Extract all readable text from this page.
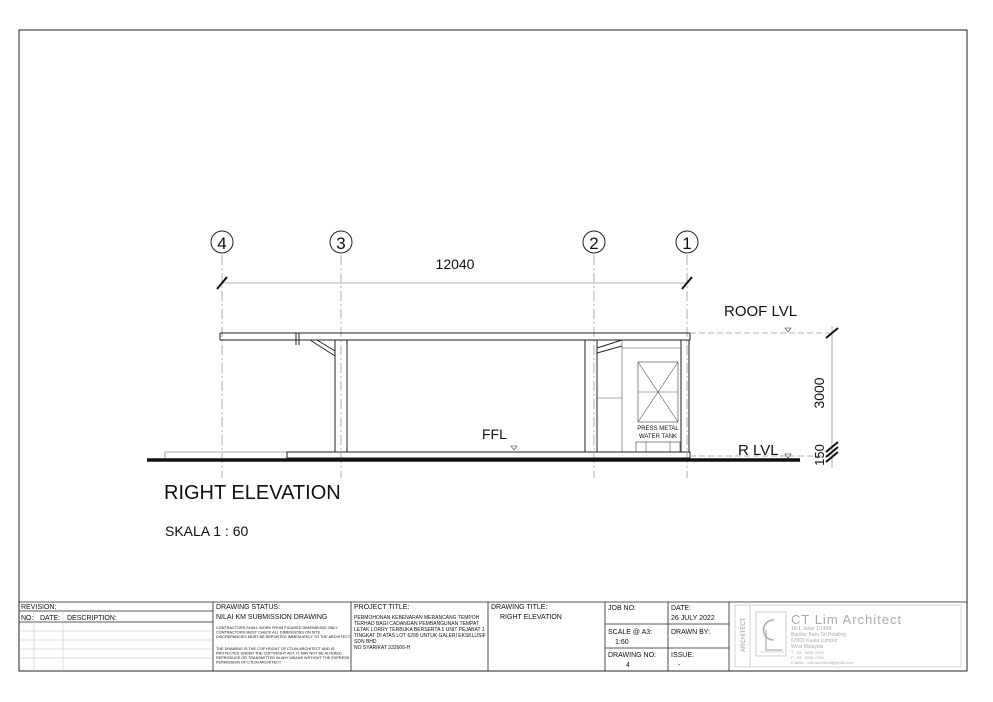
4	3	2	1
12040
PRESS METAL
WATER TANK
FFL
ROOF LVL
R LVL
3000
150
RIGHT ELEVATION
SKALA 1 : 60
REVISION:
NO: DATE: DESCRIPTION:
DRAWING STATUS:
NILAI KM SUBMISSION DRAWING
CONTRACTORS SHALL WORK FROM FIGURED DIMENSIONS ONLY.
CONTRACTORS MUST CHECK ALL DIMENSIONS ON SITE.
DISCREPANCIES MUST BE REPORTED IMMEDIATELY TO THE ARCHITECT.
THE DRAWING IS THE COPYRIGHT OF CTLIM ARCHITECT AND IS
PROTECTED UNDER THE COPYRIGHT ACT. IT MAY NOT BE ALTERED,
REPRODUCE OR TRANSMITTED IN ANY MEANS WITHOUT THE EXPRESS
PERMISSION OF CTLIM ARCHITECT.
PROJECT TITLE:
PERMOHONAN KEBENARAN MERANCANG TEMPOH
TERHAD BAGI CADANGAN PEMBANGUNAN TEMPAT
LETAK LORRY TERBUKA BERSERTA 1 UNIT PEJABAT 1
TINGKAT DI ATAS LOT 6299 UNTUK GALERI EKSKLUSIF
SDN BHD
NO SYARIKAT 332666-H
DRAWING TITLE:
RIGHT ELEVATION
JOB NO:	DATE:
26 JULY 2022
SCALE @ A3:
1:60
DRAWN BY:
DRAWING NO:
4
ISSUE:
-
ARCHITECT	CT Lim Architect
18-1 Jalan 1/145B
Bandar Baru Sri Petaling
57000 Kuala Lumpur
West Malaysia
T : 03 - 9056 7010
F : 03 - 9056 7206
E-MAIL : ctlimarchitect@gmail.com
